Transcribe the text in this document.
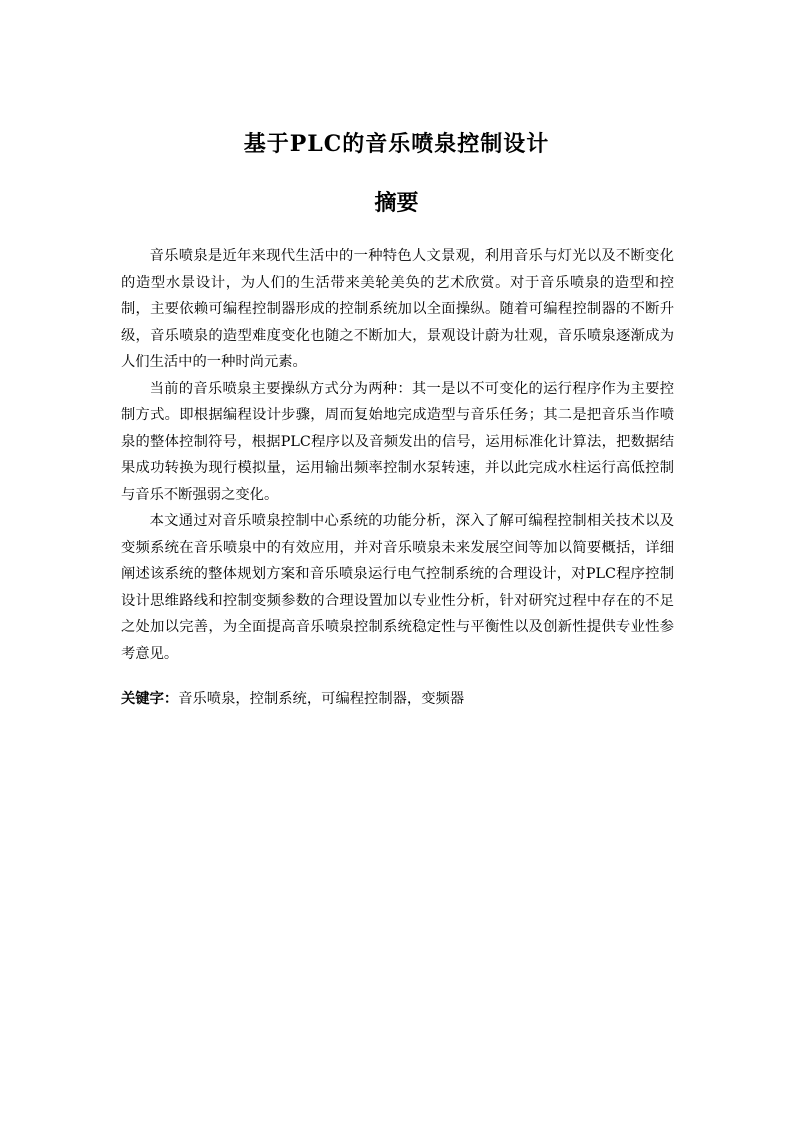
基于PLC的音乐喷泉控制设计
摘要

音乐喷泉是近年来现代生活中的一种特色人文景观，利用音乐与灯光以及不断变化的造型水景设计，为人们的生活带来美轮美奂的艺术欣赏。对于音乐喷泉的造型和控制，主要依赖可编程控制器形成的控制系统加以全面操纵。随着可编程控制器的不断升级，音乐喷泉的造型难度变化也随之不断加大，景观设计蔚为壮观，音乐喷泉逐渐成为人们生活中的一种时尚元素。

当前的音乐喷泉主要操纵方式分为两种：其一是以不可变化的运行程序作为主要控制方式。即根据编程设计步骤，周而复始地完成造型与音乐任务；其二是把音乐当作喷泉的整体控制符号，根据PLC程序以及音频发出的信号，运用标准化计算法，把数据结果成功转换为现行模拟量，运用输出频率控制水泵转速，并以此完成水柱运行高低控制与音乐不断强弱之变化。

本文通过对音乐喷泉控制中心系统的功能分析，深入了解可编程控制相关技术以及变频系统在音乐喷泉中的有效应用，并对音乐喷泉未来发展空间等加以简要概括，详细阐述该系统的整体规划方案和音乐喷泉运行电气控制系统的合理设计，对PLC程序控制设计思维路线和控制变频参数的合理设置加以专业性分析，针对研究过程中存在的不足之处加以完善，为全面提高音乐喷泉控制系统稳定性与平衡性以及创新性提供专业性参考意见。

关键字：音乐喷泉，控制系统，可编程控制器，变频器
